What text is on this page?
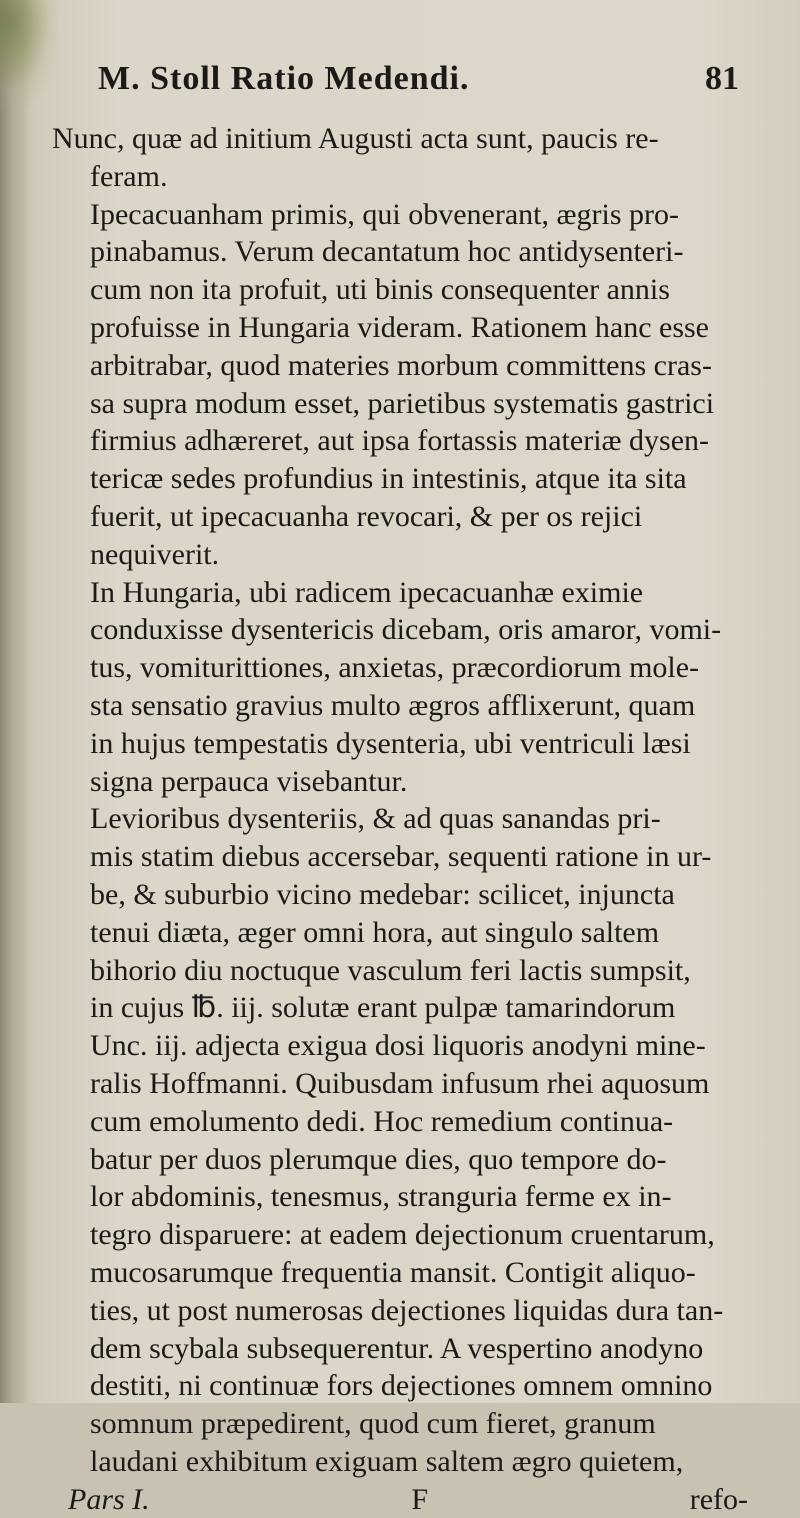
M. Stoll Ratio Medendi.	81
Nunc, quæ ad initium Augusti acta sunt, paucis re-
feram.
Ipecacuanham primis, qui obvenerant, ægris pro-
pinabamus. Verum decantatum hoc antidysenteri-
cum non ita profuit, uti binis consequenter annis
profuisse in Hungaria videram. Rationem hanc esse
arbitrabar, quod materies morbum committens cras-
sa supra modum esset, parietibus systematis gastrici
firmius adhæreret, aut ipsa fortassis materiæ dysen-
tericæ sedes profundius in intestinis, atque ita sita
fuerit, ut ipecacuanha revocari, & per os rejici
nequiverit.
In Hungaria, ubi radicem ipecacuanhæ eximie
conduxisse dysentericis dicebam, oris amaror, vomi-
tus, vomiturittiones, anxietas, præcordiorum mole-
sta sensatio gravius multo ægros afflixerunt, quam
in hujus tempestatis dysenteria, ubi ventriculi læsi
signa perpauca visebantur.
Levioribus dysenteriis, & ad quas sanandas pri-
mis statim diebus accersebar, sequenti ratione in ur-
be, & suburbio vicino medebar: scilicet, injuncta
tenui diæta, æger omni hora, aut singulo saltem
bihorio diu noctuque vasculum feri lactis sumpsit,
in cujus ℔. iij. solutæ erant pulpæ tamarindorum
Unc. iij. adjecta exigua dosi liquoris anodyni mine-
ralis Hoffmanni. Quibusdam infusum rhei aquosum
cum emolumento dedi. Hoc remedium continua-
batur per duos plerumque dies, quo tempore do-
lor abdominis, tenesmus, stranguria ferme ex in-
tegro disparuere: at eadem dejectionum cruentarum,
mucosarumque frequentia mansit. Contigit aliquo-
ties, ut post numerosas dejectiones liquidas dura tan-
dem scybala subsequerentur. A vespertino anodyno
destiti, ni continuæ fors dejectiones omnem omnino
somnum præpedirent, quod cum fieret, granum
laudani exhibitum exiguam saltem ægro quietem,
Pars I.	F	refo-
